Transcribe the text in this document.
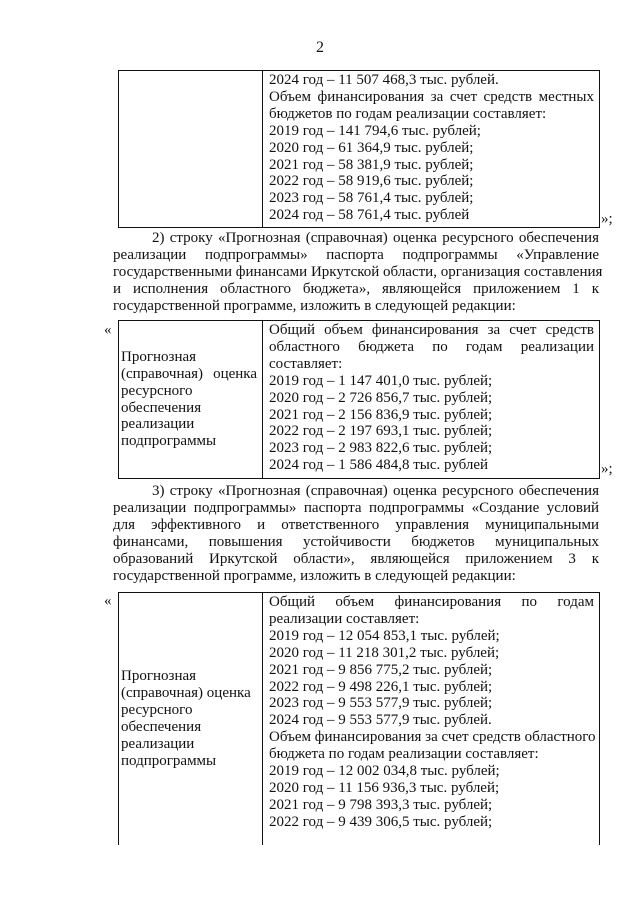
2
2024 год – 11 507 468,3 тыс. рублей.
Объем финансирования за счет средств местных
бюджетов по годам реализации составляет:
2019 год – 141 794,6 тыс. рублей;
2020 год – 61 364,9 тыс. рублей;
2021 год – 58 381,9 тыс. рублей;
2022 год – 58 919,6 тыс. рублей;
2023 год – 58 761,4 тыс. рублей;
2024 год – 58 761,4 тыс. рублей	»;
2) строку «Прогнозная (справочная) оценка ресурсного обеспечения
реализации подпрограммы» паспорта подпрограммы «Управление
государственными финансами Иркутской области, организация составления
и исполнения областного бюджета», являющейся приложением 1 к
государственной программе, изложить в следующей редакции:
«
Прогнозная
(справочная) оценка
ресурсного
обеспечения
реализации
подпрограммы
Общий объем финансирования за счет средств
областного бюджета по годам реализации
составляет:
2019 год – 1 147 401,0 тыс. рублей;
2020 год – 2 726 856,7 тыс. рублей;
2021 год – 2 156 836,9 тыс. рублей;
2022 год – 2 197 693,1 тыс. рублей;
2023 год – 2 983 822,6 тыс. рублей;
2024 год – 1 586 484,8 тыс. рублей	»;
3) строку «Прогнозная (справочная) оценка ресурсного обеспечения
реализации подпрограммы» паспорта подпрограммы «Создание условий
для эффективного и ответственного управления муниципальными
финансами, повышения устойчивости бюджетов муниципальных
образований Иркутской области», являющейся приложением 3 к
государственной программе, изложить в следующей редакции:
«
Прогнозная
(справочная) оценка
ресурсного
обеспечения
реализации
подпрограммы
Общий объем финансирования по годам
реализации составляет:
2019 год – 12 054 853,1 тыс. рублей;
2020 год – 11 218 301,2 тыс. рублей;
2021 год – 9 856 775,2 тыс. рублей;
2022 год – 9 498 226,1 тыс. рублей;
2023 год – 9 553 577,9 тыс. рублей;
2024 год – 9 553 577,9 тыс. рублей.
Объем финансирования за счет средств областного
бюджета по годам реализации составляет:
2019 год – 12 002 034,8 тыс. рублей;
2020 год – 11 156 936,3 тыс. рублей;
2021 год – 9 798 393,3 тыс. рублей;
2022 год – 9 439 306,5 тыс. рублей;
